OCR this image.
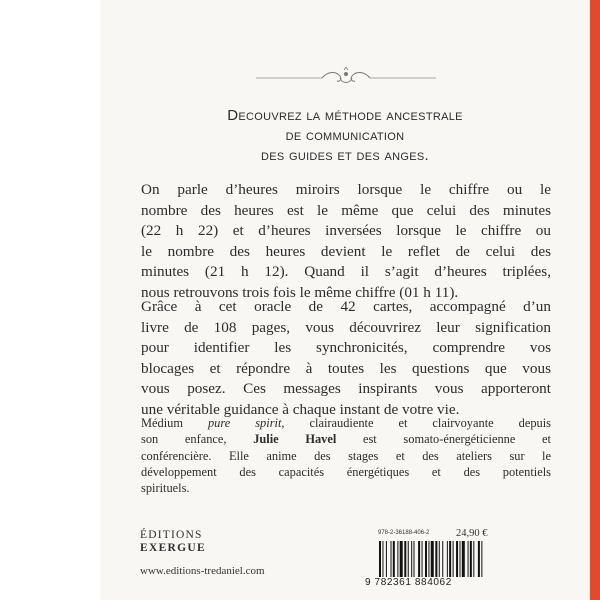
Decouvrez la méthode ancestrale
de communication
des guides et des anges.
On parle d’heures miroirs lorsque le chiffre ou le
nombre des heures est le même que celui des minutes
(22 h 22) et d’heures inversées lorsque le chiffre ou
le nombre des heures devient le reflet de celui des
minutes (21 h 12). Quand il s’agit d’heures triplées,
nous retrouvons trois fois le même chiffre (01 h 11).
Grâce à cet oracle de 42 cartes, accompagné d’un
livre de 108 pages, vous découvrirez leur signification
pour identifier les synchronicités, comprendre vos
blocages et répondre à toutes les questions que vous
vous posez. Ces messages inspirants vous apporteront
une véritable guidance à chaque instant de votre vie.
Médium pure spirit, clairaudiente et clairvoyante depuis
son enfance, Julie Havel est somato-énergéticienne et
conférencière. Elle anime des stages et des ateliers sur le
développement des capacités énergétiques et des potentiels
spirituels.
ÉDITIONS
EXERGUE
www.editions-tredaniel.com
978-2-36188-406-2	24,90 €
9 782361 884062
